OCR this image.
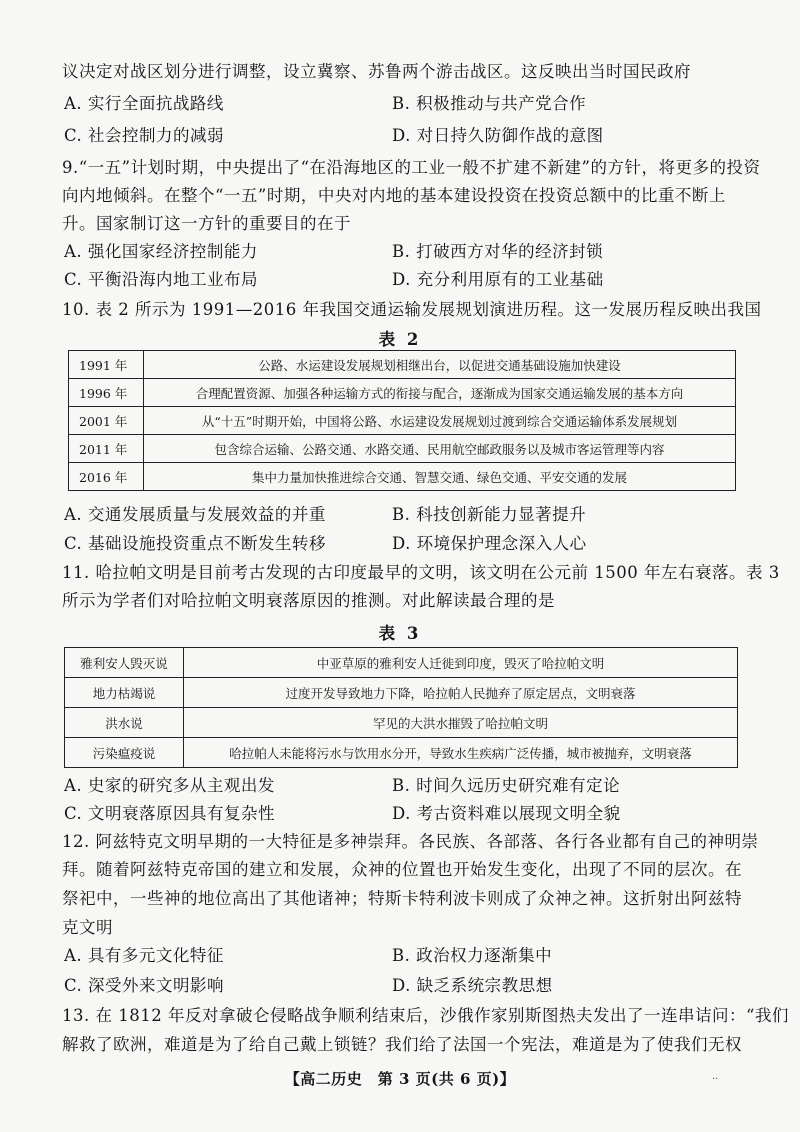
议决定对战区划分进行调整，设立冀察、苏鲁两个游击战区。这反映出当时国民政府
A. 实行全面抗战路线	B. 积极推动与共产党合作
C. 社会控制力的减弱	D. 对日持久防御作战的意图
9.“一五”计划时期，中央提出了“在沿海地区的工业一般不扩建不新建”的方针，将更多的投资
向内地倾斜。在整个“一五”时期，中央对内地的基本建设投资在投资总额中的比重不断上
升。国家制订这一方针的重要目的在于
A. 强化国家经济控制能力	B. 打破西方对华的经济封锁
C. 平衡沿海内地工业布局	D. 充分利用原有的工业基础
10. 表 2 所示为 1991—2016 年我国交通运输发展规划演进历程。这一发展历程反映出我国
表 2
1991 年	公路、水运建设发展规划相继出台，以促进交通基础设施加快建设
1996 年	合理配置资源、加强各种运输方式的衔接与配合，逐渐成为国家交通运输发展的基本方向
2001 年	从“十五”时期开始，中国将公路、水运建设发展规划过渡到综合交通运输体系发展规划
2011 年	包含综合运输、公路交通、水路交通、民用航空邮政服务以及城市客运管理等内容
2016 年	集中力量加快推进综合交通、智慧交通、绿色交通、平安交通的发展
A. 交通发展质量与发展效益的并重	B. 科技创新能力显著提升
C. 基础设施投资重点不断发生转移	D. 环境保护理念深入人心
11. 哈拉帕文明是目前考古发现的古印度最早的文明，该文明在公元前 1500 年左右衰落。表 3
所示为学者们对哈拉帕文明衰落原因的推测。对此解读最合理的是
表 3
雅利安人毁灭说	中亚草原的雅利安人迁徙到印度，毁灭了哈拉帕文明
地力枯竭说	过度开发导致地力下降，哈拉帕人民抛弃了原定居点，文明衰落
洪水说	罕见的大洪水摧毁了哈拉帕文明
污染瘟疫说	哈拉帕人未能将污水与饮用水分开，导致水生疾病广泛传播，城市被抛弃，文明衰落
A. 史家的研究多从主观出发	B. 时间久远历史研究难有定论
C. 文明衰落原因具有复杂性	D. 考古资料难以展现文明全貌
12. 阿兹特克文明早期的一大特征是多神崇拜。各民族、各部落、各行各业都有自己的神明崇
拜。随着阿兹特克帝国的建立和发展，众神的位置也开始发生变化，出现了不同的层次。在
祭祀中，一些神的地位高出了其他诸神；特斯卡特利波卡则成了众神之神。这折射出阿兹特
克文明
A. 具有多元文化特征	B. 政治权力逐渐集中
C. 深受外来文明影响	D. 缺乏系统宗教思想
13. 在 1812 年反对拿破仑侵略战争顺利结束后，沙俄作家别斯图热夫发出了一连串诘问：“我们
解救了欧洲，难道是为了给自己戴上锁链？我们给了法国一个宪法，难道是为了使我们无权
【高二历史　第 3 页(共 6 页)】	··
